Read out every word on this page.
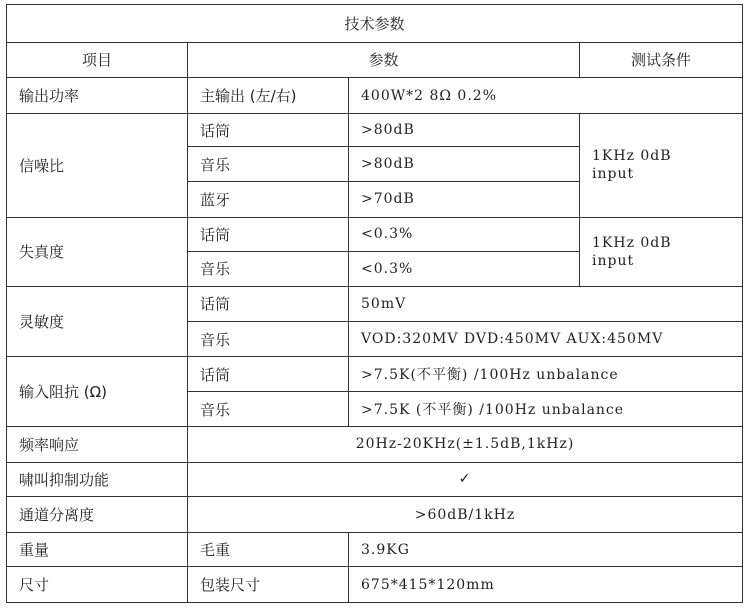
技术参数			
项目	参数		测试条件
输出功率	主输出 (左/右)	400W*2 8Ω 0.2%	
信噪比	话筒	>80dB	1KHz 0dB
input

	音乐	>80dB	
	蓝牙	>70dB	
失真度	话筒	<0.3%	1KHz 0dB
input

	音乐	<0.3%	
灵敏度	话筒	50mV	
	音乐	VOD:320MV DVD:450MV AUX:450MV	
输入阻抗 (Ω)	话筒	>7.5K(不平衡) /100Hz unbalance	
	音乐	>7.5K (不平衡) /100Hz unbalance	
频率响应	20Hz-20KHz(±1.5dB,1kHz)		
啸叫抑制功能	✓		
通道分离度	>60dB/1kHz		
重量	毛重	3.9KG	
尺寸	包装尺寸	675*415*120mm	
